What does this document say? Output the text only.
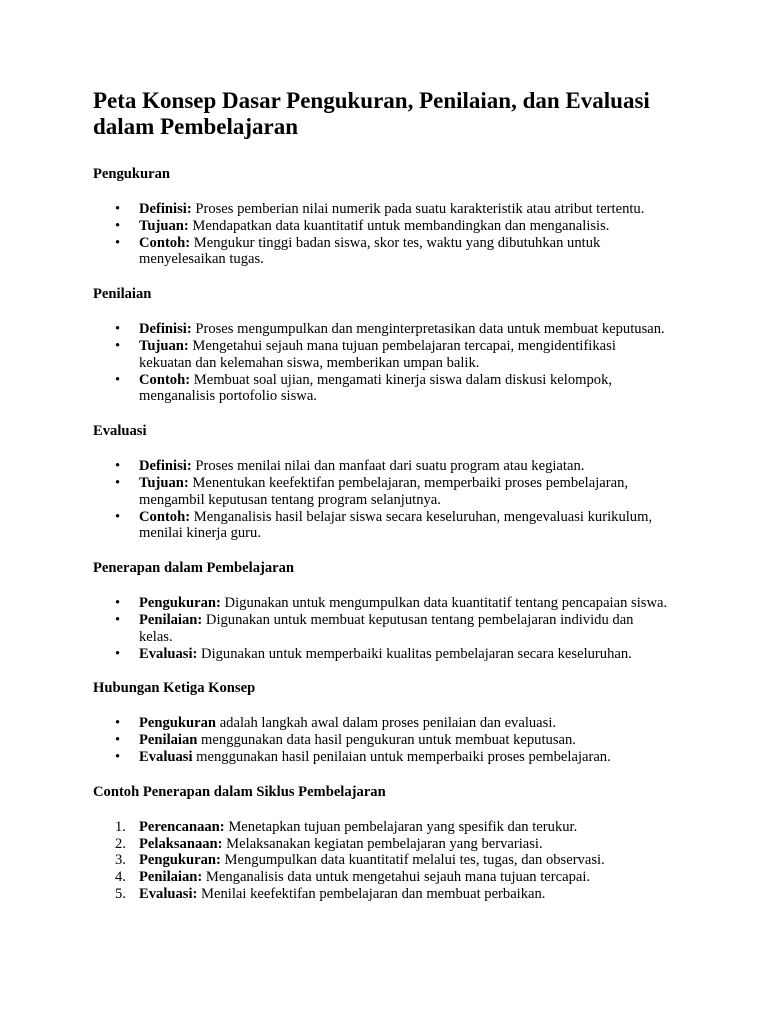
Peta Konsep Dasar Pengukuran, Penilaian, dan Evaluasi dalam Pembelajaran
Pengukuran
• Definisi: Proses pemberian nilai numerik pada suatu karakteristik atau atribut tertentu.
• Tujuan: Mendapatkan data kuantitatif untuk membandingkan dan menganalisis.
• Contoh: Mengukur tinggi badan siswa, skor tes, waktu yang dibutuhkan untuk menyelesaikan tugas.
Penilaian
• Definisi: Proses mengumpulkan dan menginterpretasikan data untuk membuat keputusan.
• Tujuan: Mengetahui sejauh mana tujuan pembelajaran tercapai, mengidentifikasi kekuatan dan kelemahan siswa, memberikan umpan balik.
• Contoh: Membuat soal ujian, mengamati kinerja siswa dalam diskusi kelompok, menganalisis portofolio siswa.
Evaluasi
• Definisi: Proses menilai nilai dan manfaat dari suatu program atau kegiatan.
• Tujuan: Menentukan keefektifan pembelajaran, memperbaiki proses pembelajaran, mengambil keputusan tentang program selanjutnya.
• Contoh: Menganalisis hasil belajar siswa secara keseluruhan, mengevaluasi kurikulum, menilai kinerja guru.
Penerapan dalam Pembelajaran
• Pengukuran: Digunakan untuk mengumpulkan data kuantitatif tentang pencapaian siswa.
• Penilaian: Digunakan untuk membuat keputusan tentang pembelajaran individu dan kelas.
• Evaluasi: Digunakan untuk memperbaiki kualitas pembelajaran secara keseluruhan.
Hubungan Ketiga Konsep
• Pengukuran adalah langkah awal dalam proses penilaian dan evaluasi.
• Penilaian menggunakan data hasil pengukuran untuk membuat keputusan.
• Evaluasi menggunakan hasil penilaian untuk memperbaiki proses pembelajaran.
Contoh Penerapan dalam Siklus Pembelajaran
1. Perencanaan: Menetapkan tujuan pembelajaran yang spesifik dan terukur.
2. Pelaksanaan: Melaksanakan kegiatan pembelajaran yang bervariasi.
3. Pengukuran: Mengumpulkan data kuantitatif melalui tes, tugas, dan observasi.
4. Penilaian: Menganalisis data untuk mengetahui sejauh mana tujuan tercapai.
5. Evaluasi: Menilai keefektifan pembelajaran dan membuat perbaikan.
